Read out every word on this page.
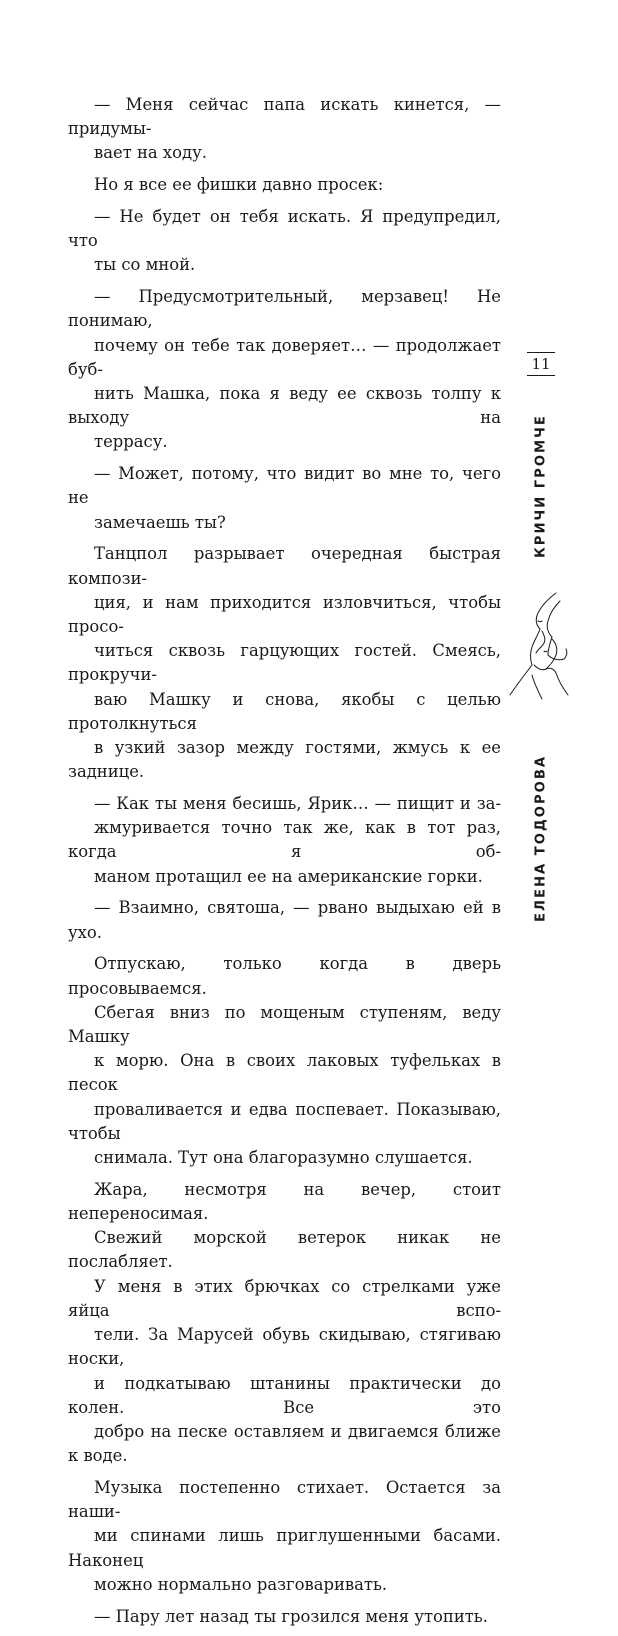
— Меня сейчас папа искать кинется, — придумы-
вает на ходу.

Но я все ее фишки давно просек:

— Не будет он тебя искать. Я предупредил, что
ты со мной.

— Предусмотрительный, мерзавец! Не понимаю,
почему он тебе так доверяет… — продолжает буб-
нить Машка, пока я веду ее сквозь толпу к выходу на
террасу.

— Может, потому, что видит во мне то, чего не
замечаешь ты?

Танцпол разрывает очередная быстрая компози-
ция, и нам приходится изловчиться, чтобы просо-
читься сквозь гарцующих гостей. Смеясь, прокручи-
ваю Машку и снова, якобы с целью протолкнуться
в узкий зазор между гостями, жмусь к ее заднице.

— Как ты меня бесишь, Ярик… — пищит и за-
жмуривается точно так же, как в тот раз, когда я об-
маном протащил ее на американские горки.

— Взаимно, святоша, — рвано выдыхаю ей в ухо.

Отпускаю, только когда в дверь просовываемся.
Сбегая вниз по мощеным ступеням, веду Машку
к морю. Она в своих лаковых туфельках в песок
проваливается и едва поспевает. Показываю, чтобы
снимала. Тут она благоразумно слушается.

Жара, несмотря на вечер, стоит непереносимая.
Свежий морской ветерок никак не послабляет.
У меня в этих брючках со стрелками уже яйца вспо-
тели. За Марусей обувь скидываю, стягиваю носки,
и подкатываю штанины практически до колен. Все это
добро на песке оставляем и двигаемся ближе к воде.

Музыка постепенно стихает. Остается за наши-
ми спинами лишь приглушенными басами. Наконец
можно нормально разговаривать.

— Пару лет назад ты грозился меня утопить.

11
КРИЧИ ГРОМЧЕ
ЕЛЕНА ТОДОРОВА
